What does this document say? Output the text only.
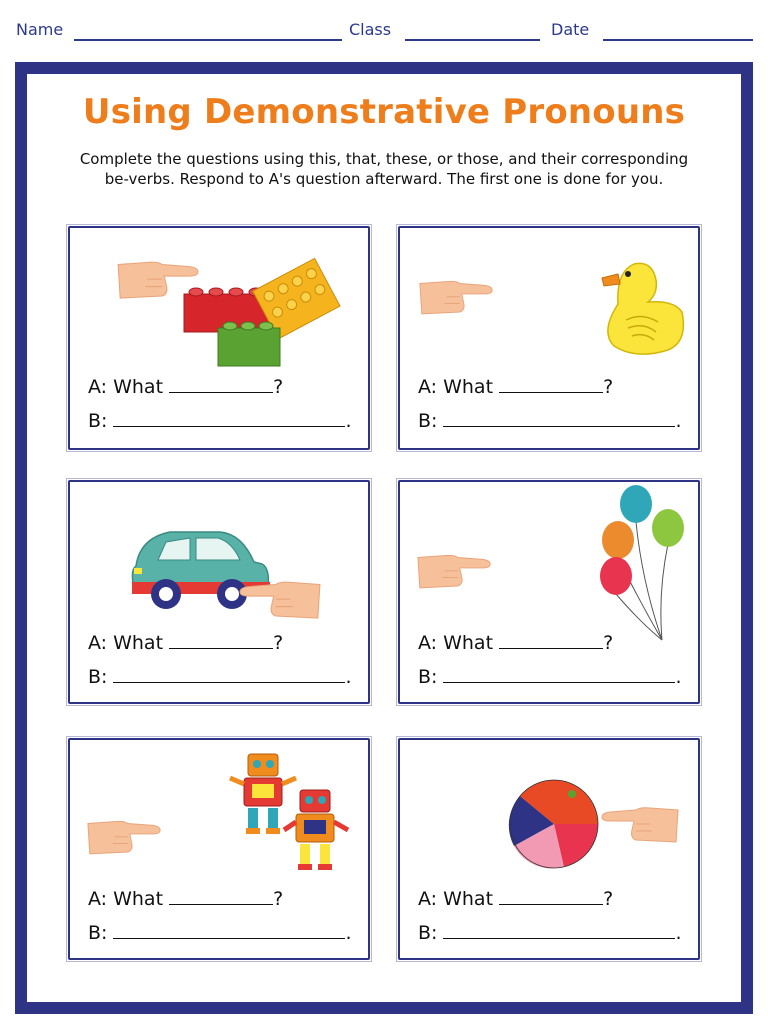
Name	Class	Date
Using Demonstrative Pronouns
Complete the questions using this, that, these, or those, and their corresponding
be-verbs. Respond to A's question afterward. The first one is done for you.
A: What	?
B:	.
A: What	?
B:	.
A: What	?
B:	.
A: What	?
B:	.
A: What	?
B:	.
A: What	?
B:	.
